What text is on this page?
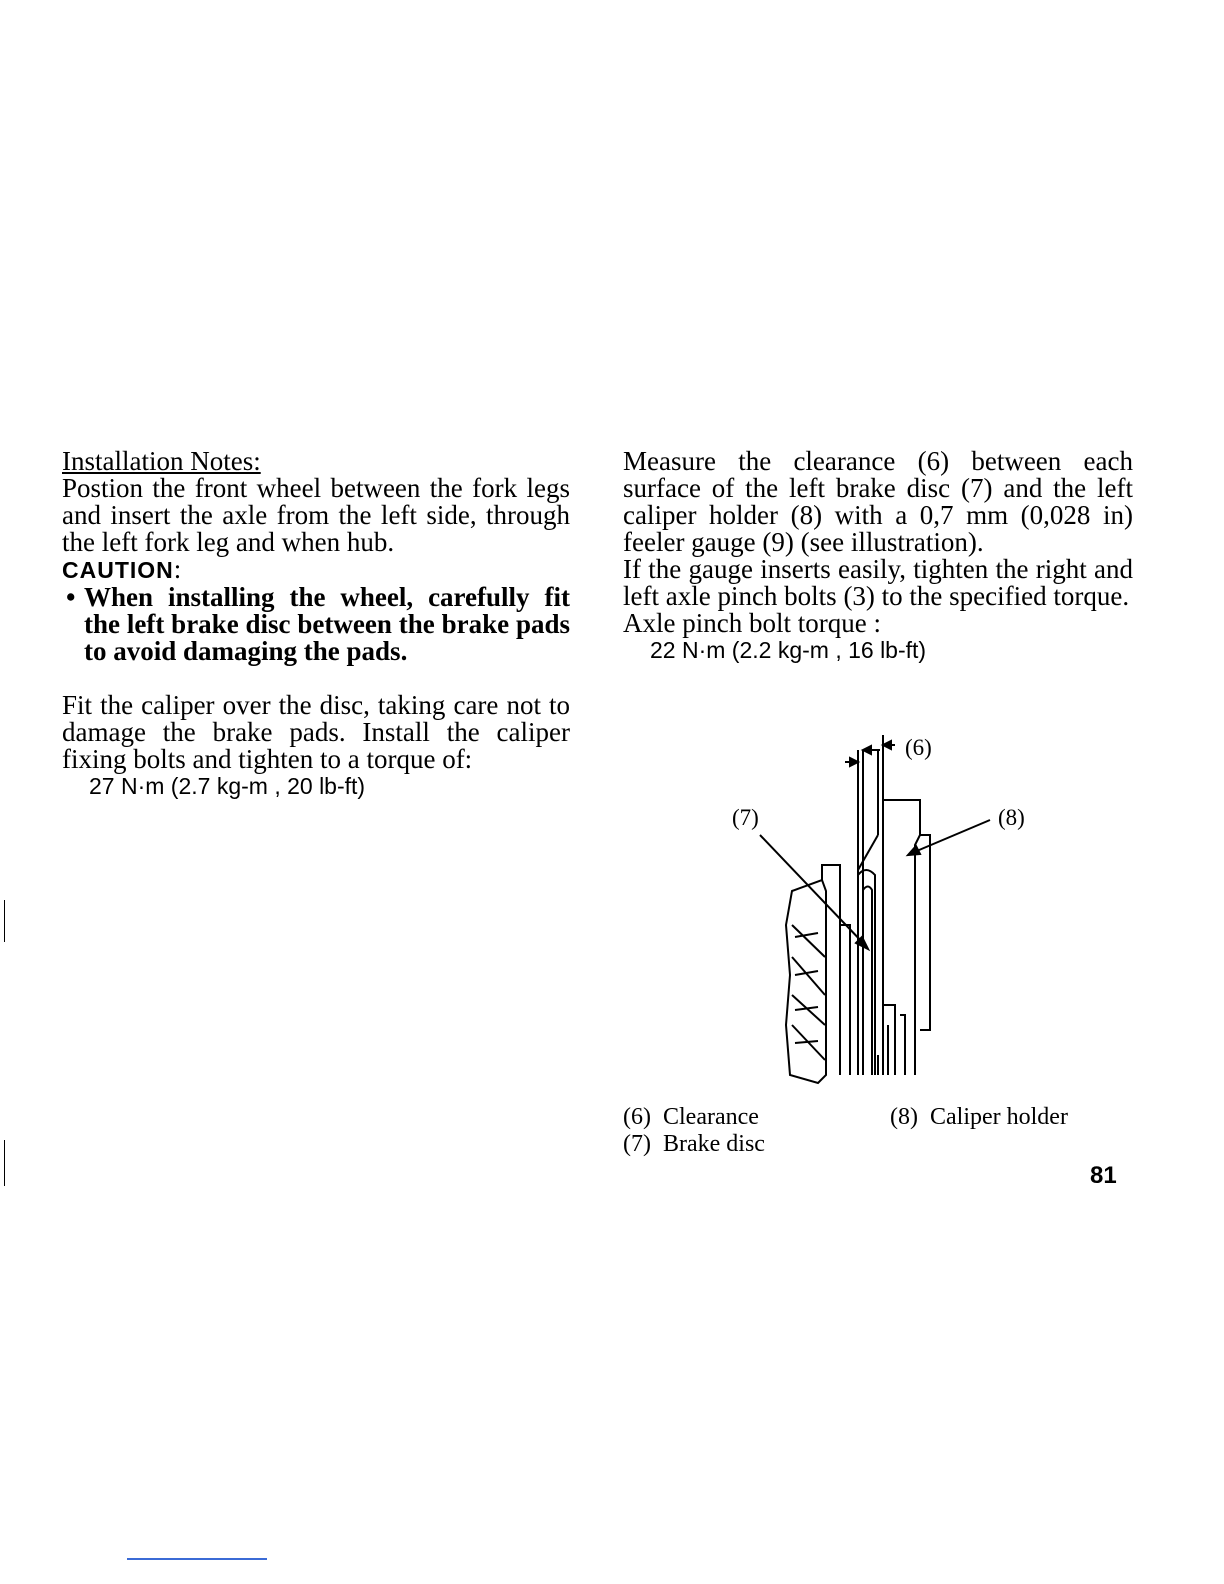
Installation Notes:

Postion the front wheel between the fork legs and insert the axle from the left side, through the left fork leg and when hub.

CAUTION:
• When installing the wheel, carefully fit the left brake disc between the brake pads to avoid damaging the pads.

Fit the caliper over the disc, taking care not to damage the brake pads. Install the caliper fixing bolts and tighten to a torque of:

27 N·m (2.7 kg-m , 20 lb-ft)

Measure the clearance (6) between each surface of the left brake disc (7) and the left caliper holder (8) with a 0,7 mm (0,028 in) feeler gauge (9) (see illustration).

If the gauge inserts easily, tighten the right and left axle pinch bolts (3) to the specified torque.

Axle pinch bolt torque :
22 N·m (2.2 kg-m , 16 lb-ft)
(6)
(7)	(8)
(6) Clearance
(7) Brake disc
(8) Caliper holder
81
